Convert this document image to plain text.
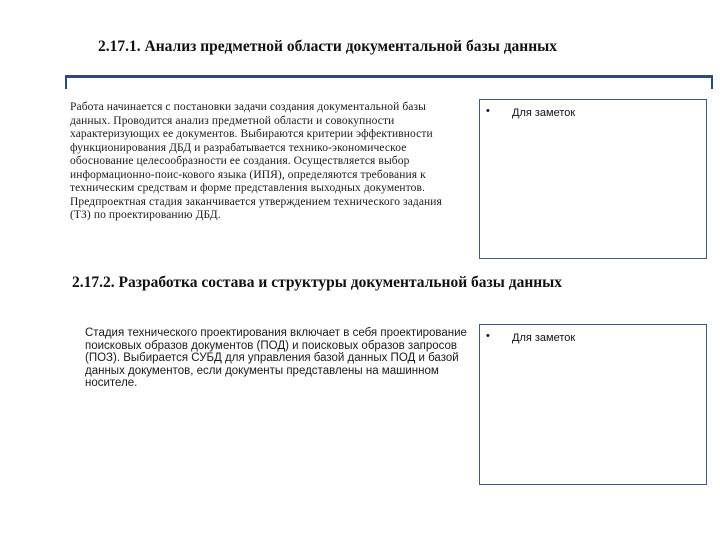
2.17.1. Анализ предметной области документальной базы данных

Работа начинается с постановки задачи создания документальной базы данных. Проводится анализ предметной области и совокупности характеризующих ее документов. Выбираются критерии эффективности функционирования ДБД и разрабатывается технико-экономическое обоснование целесообразности ее создания. Осуществляется выбор информационно-поис-кового языка (ИПЯ), определяются требования к техническим средствам и форме представления выходных документов. Предпроектная стадия заканчивается утверждением технического задания (ТЗ) по проектированию ДБД.

• Для заметок
2.17.2. Разработка состава и структуры документальной базы данных

Стадия технического проектирования включает в себя проектирование поисковых образов документов (ПОД) и поисковых образов запросов (ПОЗ). Выбирается СУБД для управления базой данных ПОД и базой данных документов, если документы представлены на машинном носителе.

• Для заметок
